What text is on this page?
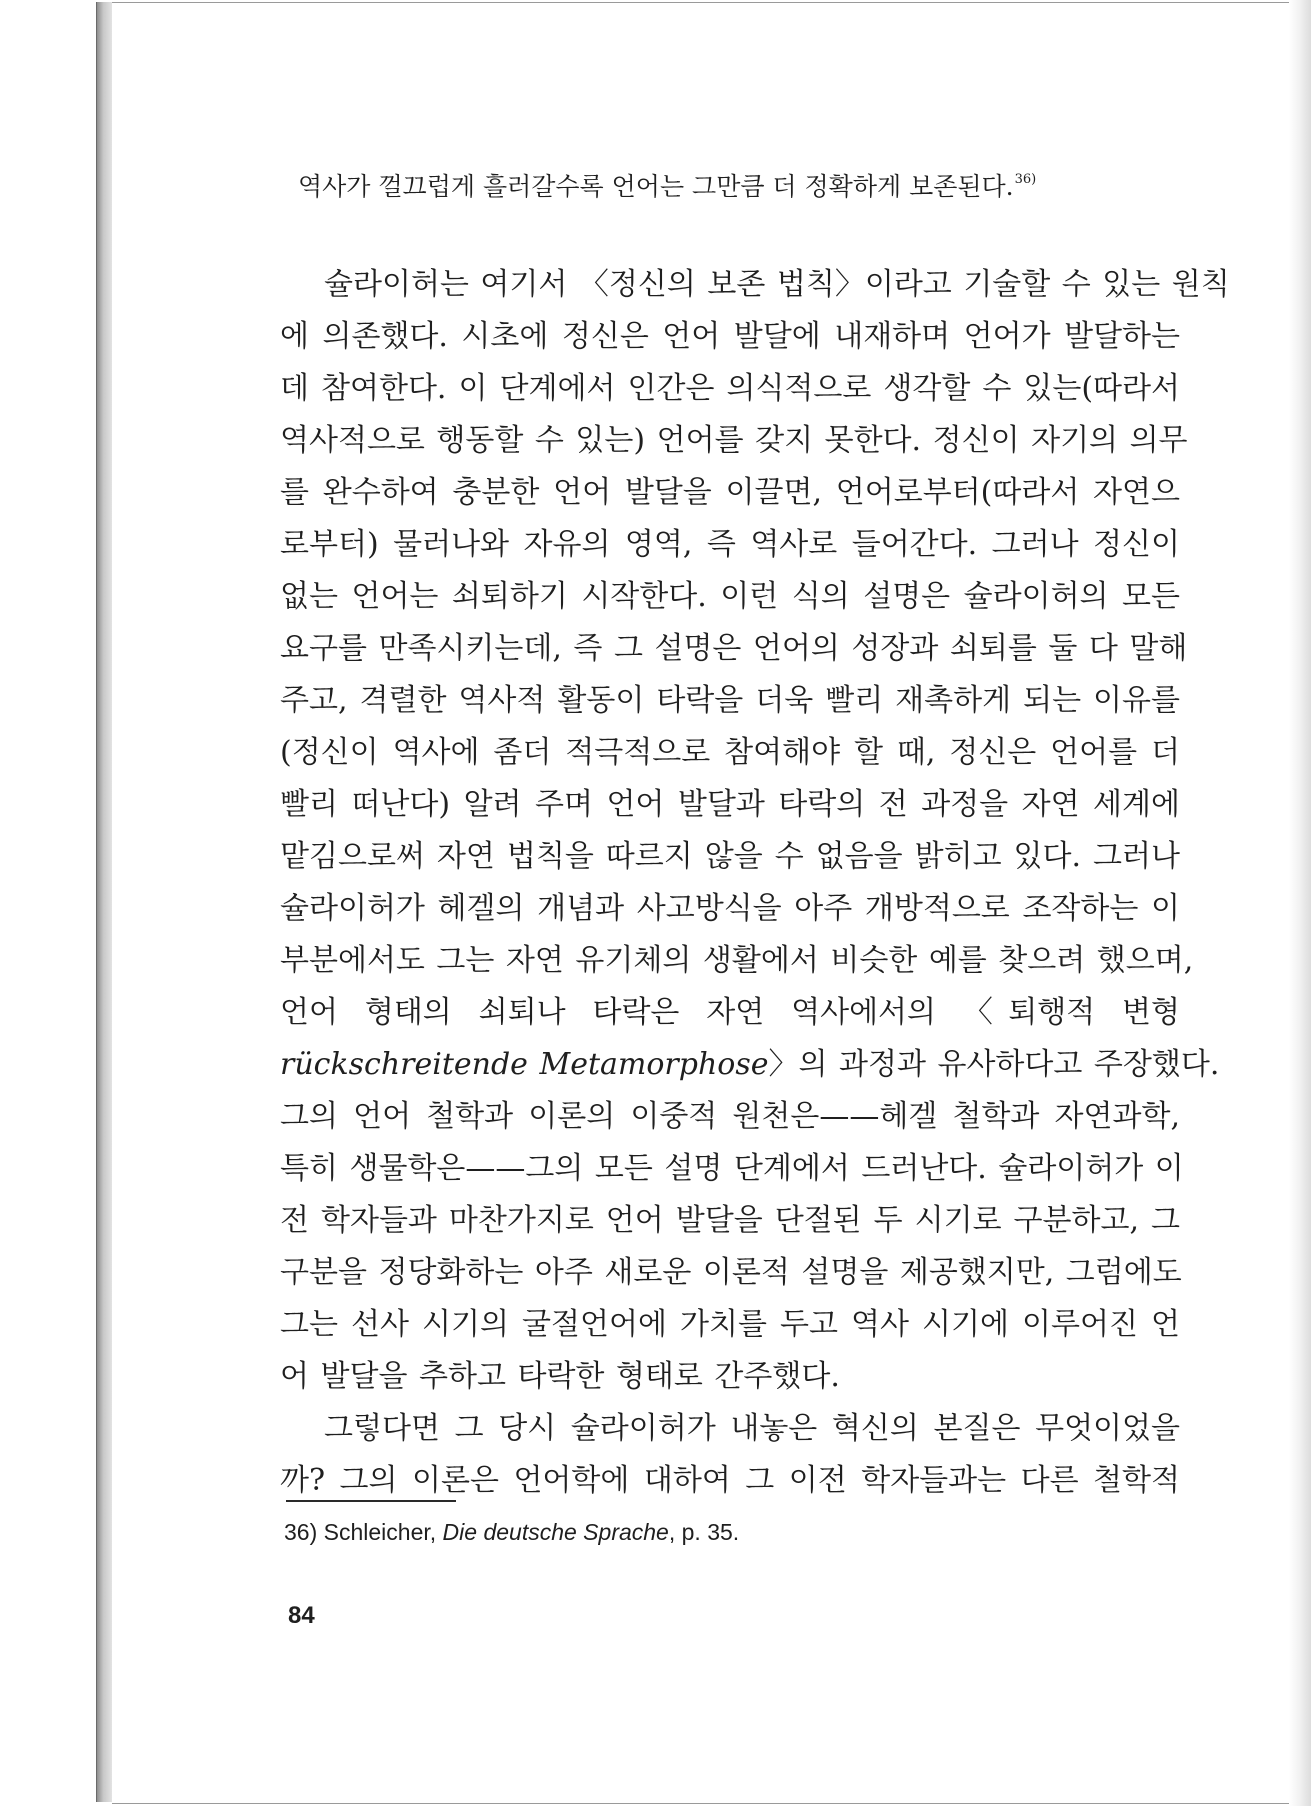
역사가 껄끄럽게 흘러갈수록 언어는 그만큼 더 정확하게 보존된다.$^{36)}$
슐라이허는 여기서 〈정신의 보존 법칙〉이라고 기술할 수 있는 원칙
에 의존했다. 시초에 정신은 언어 발달에 내재하며 언어가 발달하는
데 참여한다. 이 단계에서 인간은 의식적으로 생각할 수 있는(따라서
역사적으로 행동할 수 있는) 언어를 갖지 못한다. 정신이 자기의 의무
를 완수하여 충분한 언어 발달을 이끌면, 언어로부터(따라서 자연으
로부터) 물러나와 자유의 영역, 즉 역사로 들어간다. 그러나 정신이
없는 언어는 쇠퇴하기 시작한다. 이런 식의 설명은 슐라이허의 모든
요구를 만족시키는데, 즉 그 설명은 언어의 성장과 쇠퇴를 둘 다 말해
주고, 격렬한 역사적 활동이 타락을 더욱 빨리 재촉하게 되는 이유를
(정신이 역사에 좀더 적극적으로 참여해야 할 때, 정신은 언어를 더
빨리 떠난다) 알려 주며 언어 발달과 타락의 전 과정을 자연 세계에
맡김으로써 자연 법칙을 따르지 않을 수 없음을 밝히고 있다. 그러나
슐라이허가 헤겔의 개념과 사고방식을 아주 개방적으로 조작하는 이
부분에서도 그는 자연 유기체의 생활에서 비슷한 예를 찾으려 했으며,
언어 형태의 쇠퇴나 타락은 자연 역사에서의 〈퇴행적 변형
rückschreitende Metamorphose〉의 과정과 유사하다고 주장했다.
그의 언어 철학과 이론의 이중적 원천은——헤겔 철학과 자연과학,
특히 생물학은——그의 모든 설명 단계에서 드러난다. 슐라이허가 이
전 학자들과 마찬가지로 언어 발달을 단절된 두 시기로 구분하고, 그
구분을 정당화하는 아주 새로운 이론적 설명을 제공했지만, 그럼에도
그는 선사 시기의 굴절언어에 가치를 두고 역사 시기에 이루어진 언
어 발달을 추하고 타락한 형태로 간주했다.
그렇다면 그 당시 슐라이허가 내놓은 혁신의 본질은 무엇이었을
까? 그의 이론은 언어학에 대하여 그 이전 학자들과는 다른 철학적
36) Schleicher, Die deutsche Sprache, p. 35.
84
